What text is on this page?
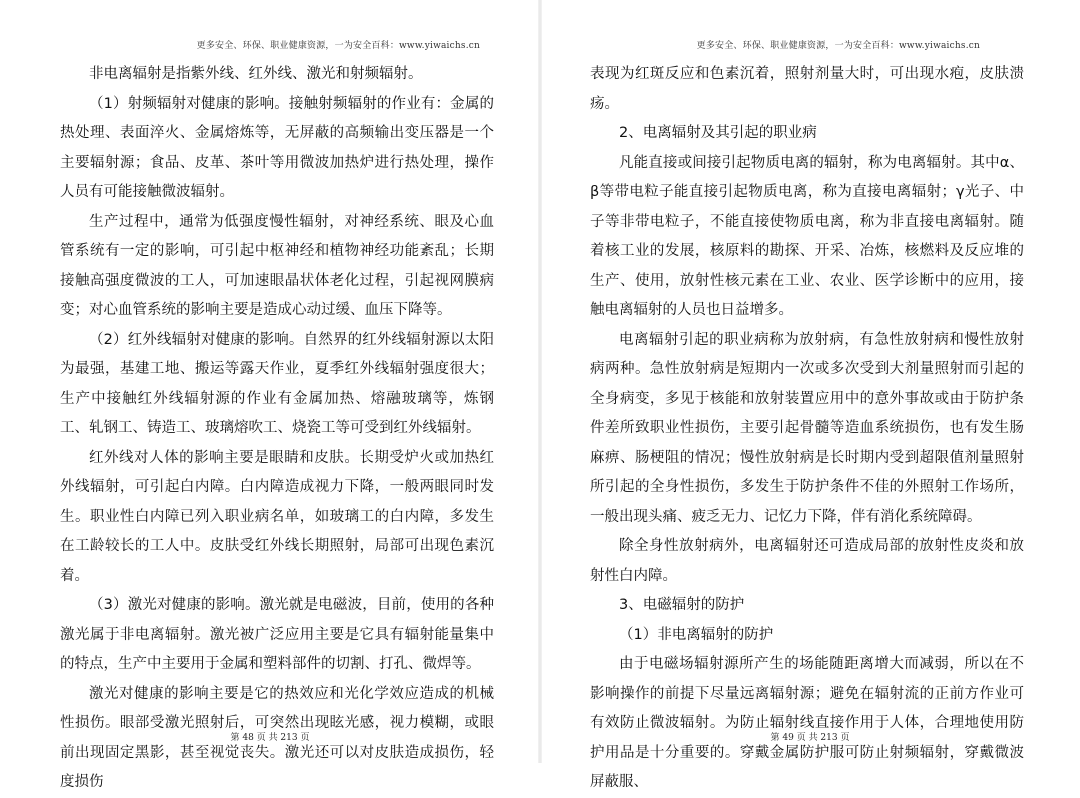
更多安全、环保、职业健康资源，一为安全百科：www.yiwaichs.cn

非电离辐射是指紫外线、红外线、激光和射频辐射。

（1）射频辐射对健康的影响。接触射频辐射的作业有：金属的热处理、表面淬火、金属熔炼等，无屏蔽的高频输出变压器是一个主要辐射源；食品、皮革、茶叶等用微波加热炉进行热处理，操作人员有可能接触微波辐射。

生产过程中，通常为低强度慢性辐射，对神经系统、眼及心血管系统有一定的影响，可引起中枢神经和植物神经功能紊乱；长期接触高强度微波的工人，可加速眼晶状体老化过程，引起视网膜病变；对心血管系统的影响主要是造成心动过缓、血压下降等。

（2）红外线辐射对健康的影响。自然界的红外线辐射源以太阳为最强，基建工地、搬运等露天作业，夏季红外线辐射强度很大；生产中接触红外线辐射源的作业有金属加热、熔融玻璃等，炼钢工、轧钢工、铸造工、玻璃熔吹工、烧瓷工等可受到红外线辐射。

红外线对人体的影响主要是眼睛和皮肤。长期受炉火或加热红外线辐射，可引起白内障。白内障造成视力下降，一般两眼同时发生。职业性白内障已列入职业病名单，如玻璃工的白内障，多发生在工龄较长的工人中。皮肤受红外线长期照射，局部可出现色素沉着。

（3）激光对健康的影响。激光就是电磁波，目前，使用的各种激光属于非电离辐射。激光被广泛应用主要是它具有辐射能量集中的特点，生产中主要用于金属和塑料部件的切割、打孔、微焊等。

激光对健康的影响主要是它的热效应和光化学效应造成的机械性损伤。眼部受激光照射后，可突然出现眩光感，视力模糊，或眼前出现固定黑影，甚至视觉丧失。激光还可以对皮肤造成损伤，轻度损伤

第 48 页 共 213 页
更多安全、环保、职业健康资源，一为安全百科：www.yiwaichs.cn

表现为红斑反应和色素沉着，照射剂量大时，可出现水疱，皮肤溃疡。

2、电离辐射及其引起的职业病

凡能直接或间接引起物质电离的辐射，称为电离辐射。其中α、β等带电粒子能直接引起物质电离，称为直接电离辐射；γ光子、中子等非带电粒子，不能直接使物质电离，称为非直接电离辐射。随着核工业的发展，核原料的勘探、开采、冶炼，核燃料及反应堆的生产、使用，放射性核元素在工业、农业、医学诊断中的应用，接触电离辐射的人员也日益增多。

电离辐射引起的职业病称为放射病，有急性放射病和慢性放射病两种。急性放射病是短期内一次或多次受到大剂量照射而引起的全身病变，多见于核能和放射装置应用中的意外事故或由于防护条件差所致职业性损伤，主要引起骨髓等造血系统损伤，也有发生肠麻痹、肠梗阻的情况；慢性放射病是长时期内受到超限值剂量照射所引起的全身性损伤，多发生于防护条件不佳的外照射工作场所，一般出现头痛、疲乏无力、记忆力下降，伴有消化系统障碍。

除全身性放射病外，电离辐射还可造成局部的放射性皮炎和放射性白内障。

3、电磁辐射的防护

（1）非电离辐射的防护

由于电磁场辐射源所产生的场能随距离增大而减弱，所以在不影响操作的前提下尽量远离辐射源；避免在辐射流的正前方作业可有效防止微波辐射。为防止辐射线直接作用于人体，合理地使用防护用品是十分重要的。穿戴金属防护服可防止射频辐射，穿戴微波屏蔽服、

第 49 页 共 213 页
